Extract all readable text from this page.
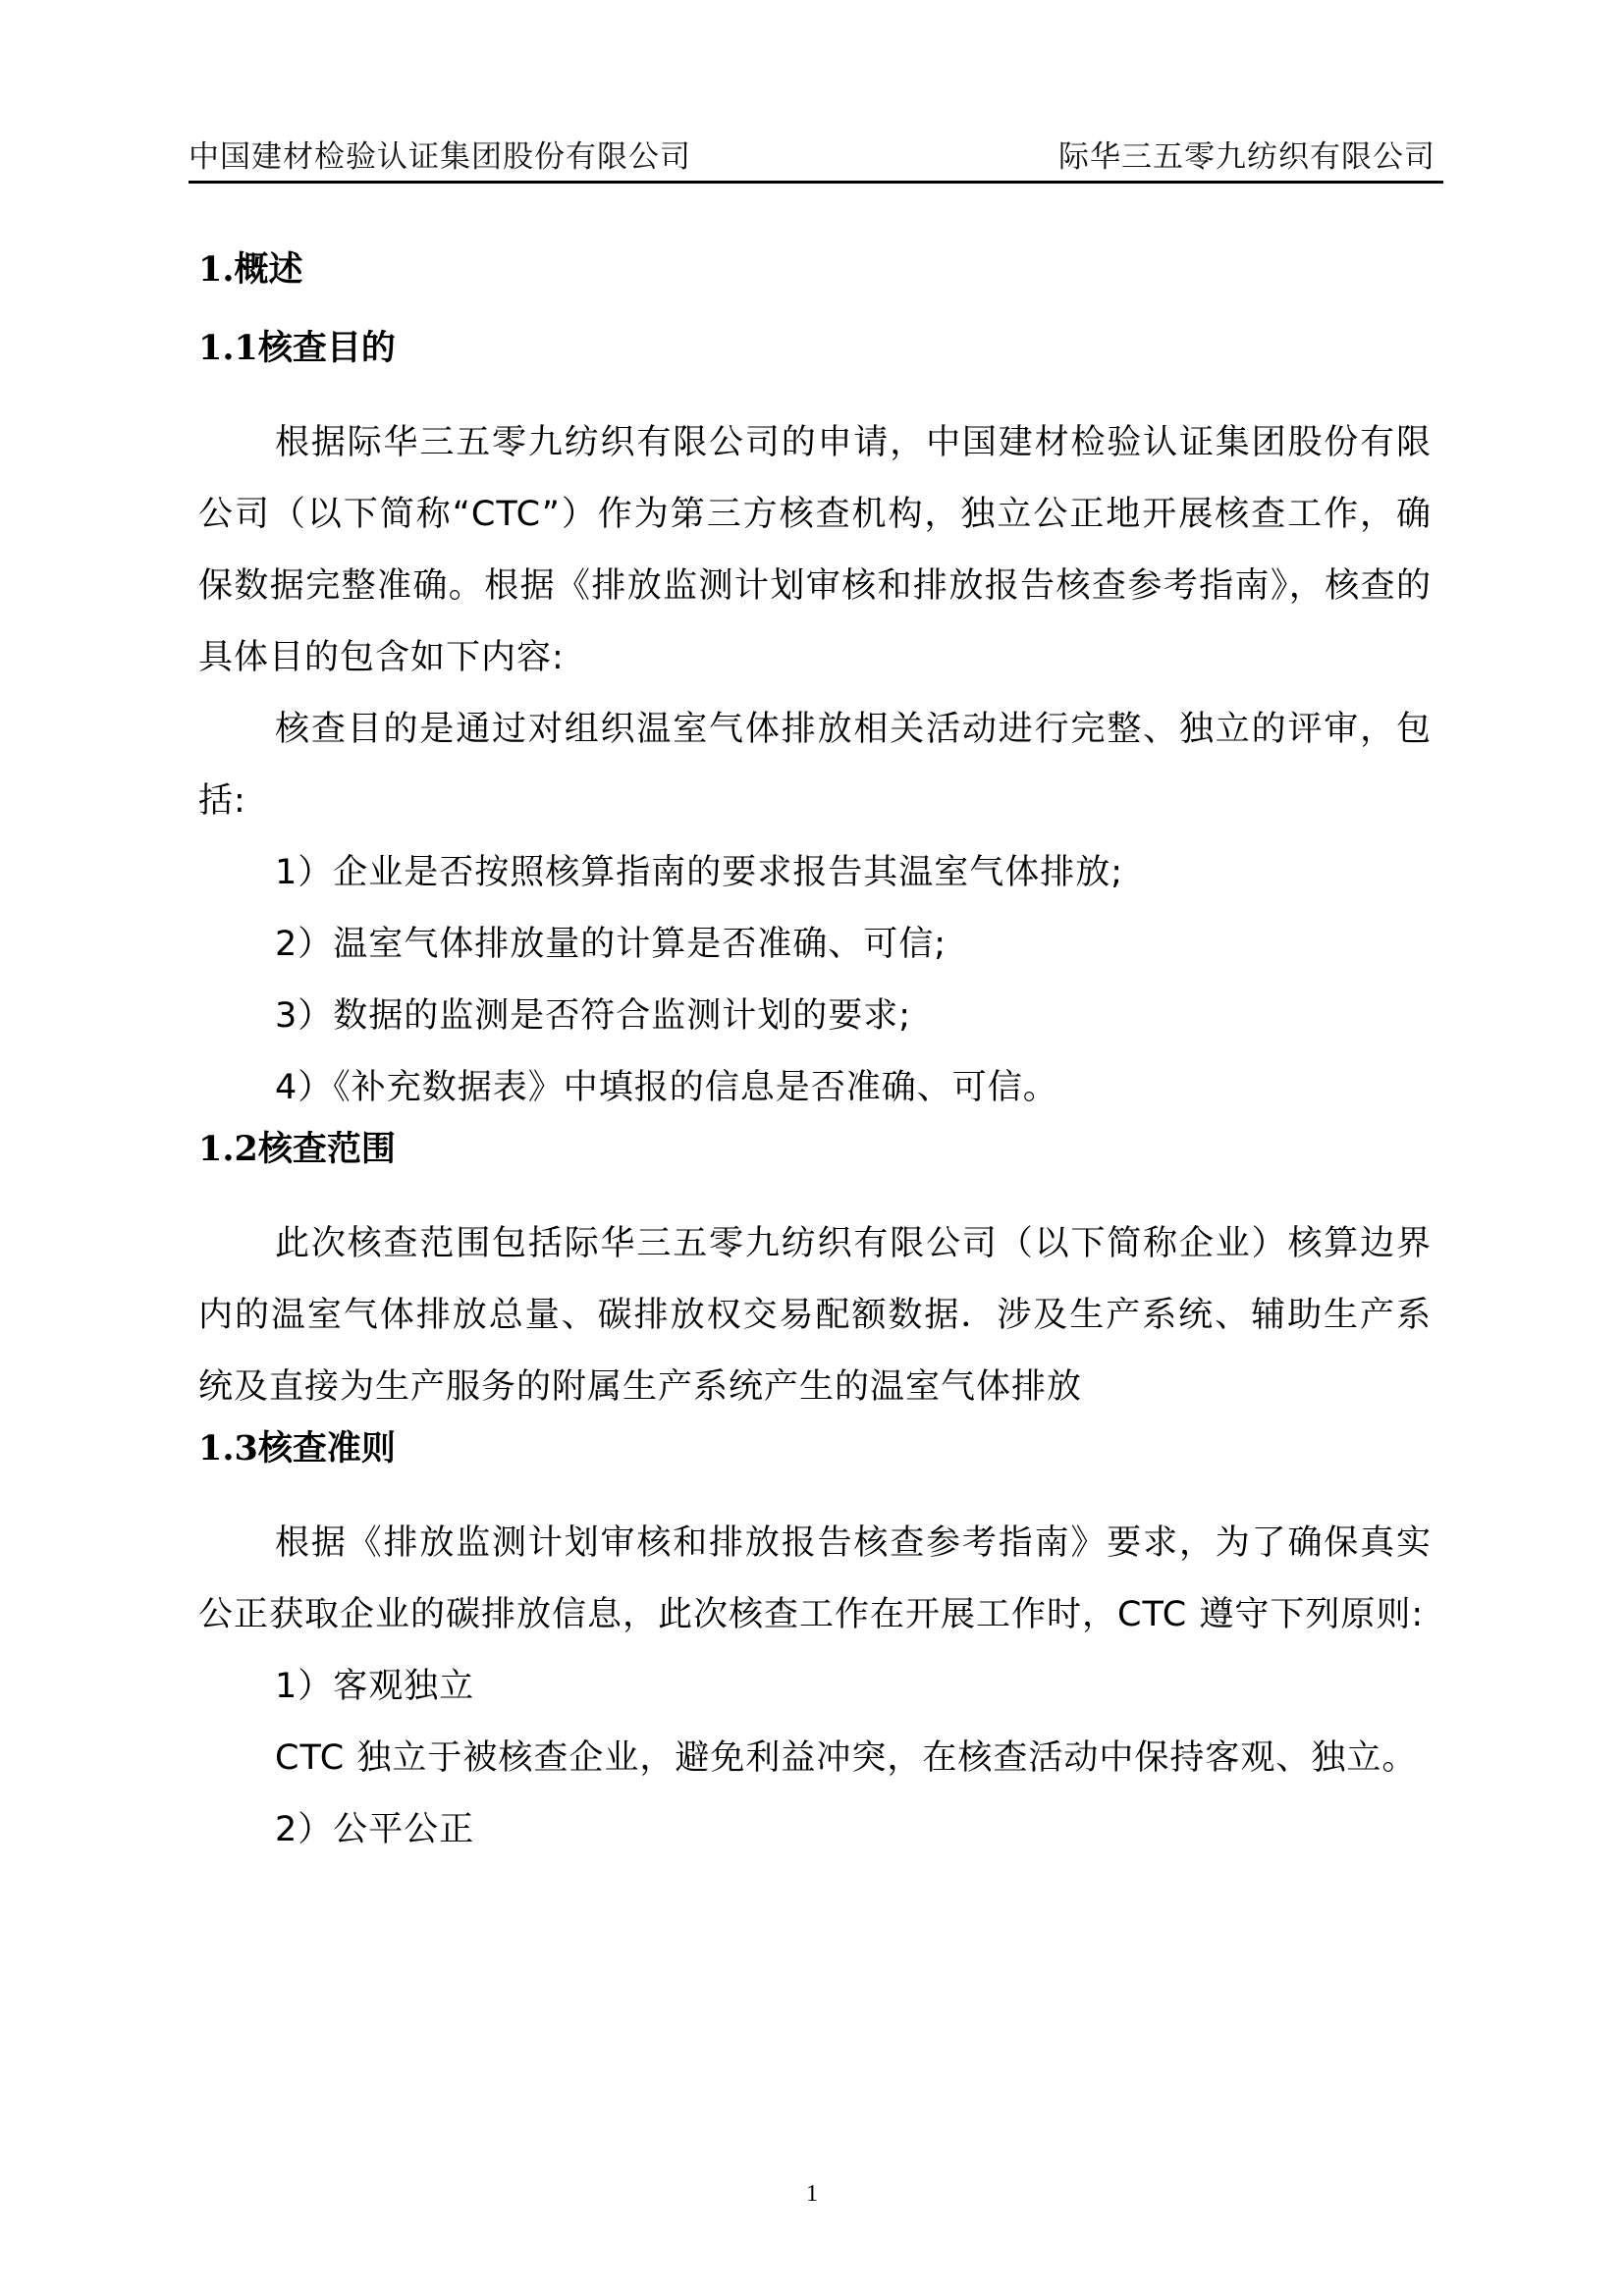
中国建材检验认证集团股份有限公司	际华三五零九纺织有限公司
1.概述
1.1核查目的

根据际华三五零九纺织有限公司的申请，中国建材检验认证集团股份有限公司（以下简称“CTC”）作为第三方核查机构，独立公正地开展核查工作，确保数据完整准确。根据《排放监测计划审核和排放报告核查参考指南》，核查的具体目的包含如下内容:

核查目的是通过对组织温室气体排放相关活动进行完整、独立的评审，包括:

1）企业是否按照核算指南的要求报告其温室气体排放;

2）温室气体排放量的计算是否准确、可信;

3）数据的监测是否符合监测计划的要求;

4）《补充数据表》中填报的信息是否准确、可信。

1.2核查范围

此次核查范围包括际华三五零九纺织有限公司（以下简称企业）核算边界内的温室气体排放总量、碳排放权交易配额数据．涉及生产系统、辅助生产系统及直接为生产服务的附属生产系统产生的温室气体排放

1.3核查准则

根据《排放监测计划审核和排放报告核查参考指南》要求，为了确保真实公正获取企业的碳排放信息，此次核查工作在开展工作时，CTC 遵守下列原则:

1）客观独立

CTC 独立于被核查企业，避免利益冲突，在核查活动中保持客观、独立。

2）公平公正

1
